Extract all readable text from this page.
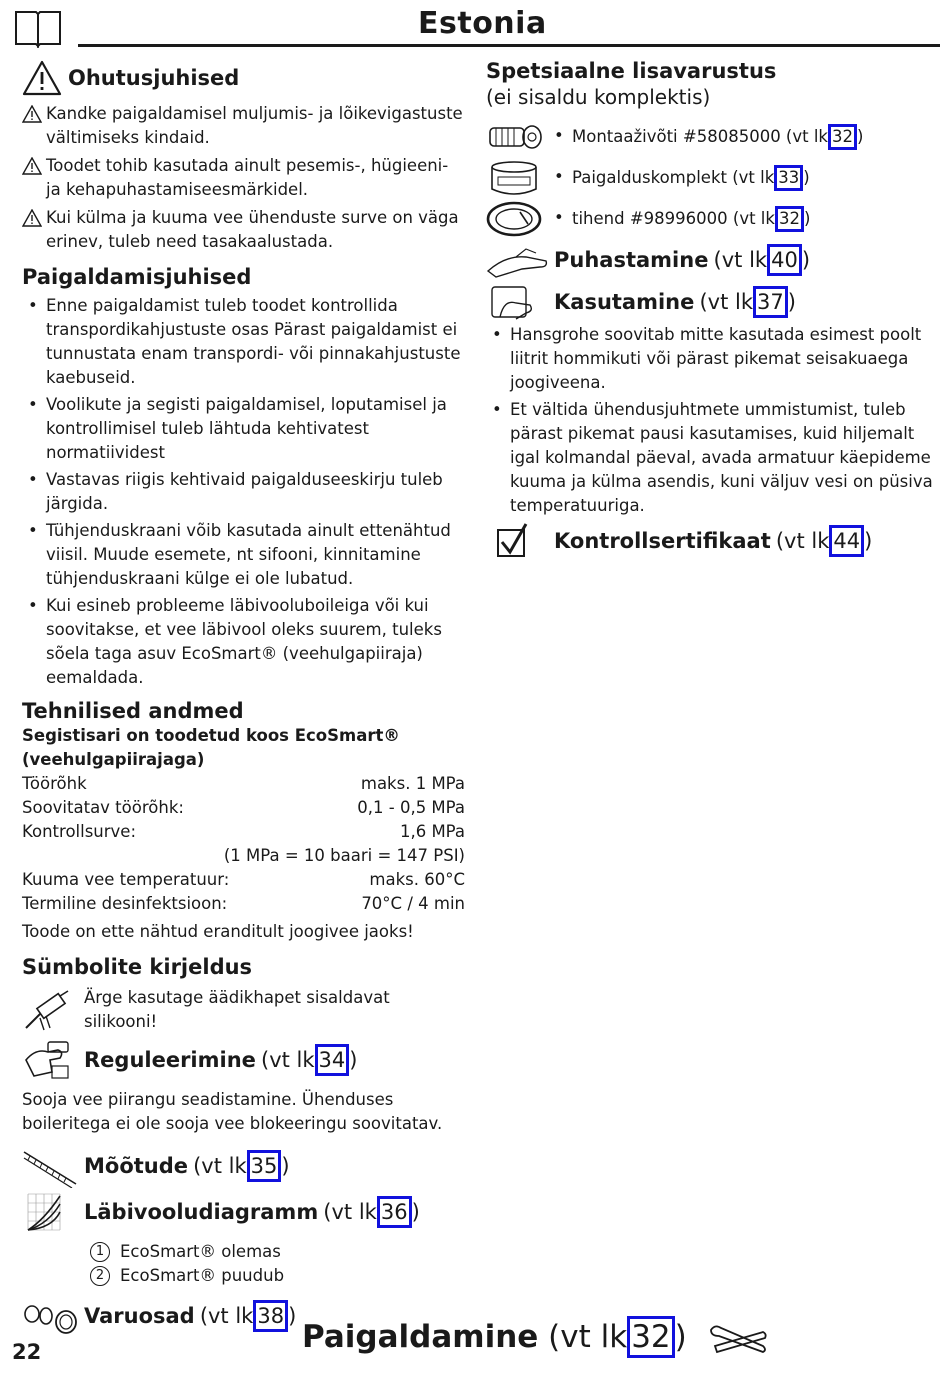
Estonia
Ohutusjuhised
Kandke paigaldamisel muljumis- ja lõikevigastuste vältimiseks kindaid.
Toodet tohib kasutada ainult pesemis-, hügieeni- ja kehapuhastamiseesmärkidel.
Kui külma ja kuuma vee ühenduste surve on väga erinev, tuleb need tasakaalustada.
Paigaldamisjuhised
• Enne paigaldamist tuleb toodet kontrollida transpordikahjustuste osas Pärast paigaldamist ei tunnustata enam transpordi- või pinnakahjustuste kaebuseid.
• Voolikute ja segisti paigaldamisel, loputamisel ja kontrollimisel tuleb lähtuda kehtivatest normatiividest
• Vastavas riigis kehtivaid paigalduseeskirju tuleb järgida.
• Tühjenduskraani võib kasutada ainult ettenähtud viisil. Muude esemete, nt sifooni, kinnitamine tühjenduskraani külge ei ole lubatud.
• Kui esineb probleeme läbivooluboileiga või kui soovitakse, et vee läbivool oleks suurem, tuleks sõela taga asuv EcoSmart® (veehulgapiiraja) eemaldada.
Tehnilised andmed

Segistisari on toodetud koos EcoSmart® (veehulgapiirajaga)

Töörõhk	maks. 1 MPa
Soovitatav töörõhk:	0,1 - 0,5 MPa
Kontrollsurve:	1,6 MPa
(1 MPa = 10 baari = 147 PSI)
Kuuma vee temperatuur:	maks. 60°C
Termiline desinfektsioon:	70°C / 4 min
Toode on ette nähtud eranditult joogivee jaoks!
Sümbolite kirjeldus
Ärge kasutage äädikhapet sisaldavat silikooni!
Reguleerimine (vt lk 34 )
Sooja vee piirangu seadistamine. Ühenduses boileritega ei ole sooja vee blokeeringu soovitatav.
Mõõtude (vt lk 35 )
Läbivooludiagramm (vt lk 36 )
1 EcoSmart® olemas
2 EcoSmart® puudub
Varuosad (vt lk 38 )
Spetsiaalne lisavarustus
(ei sisaldu komplektis)
• Montaaživõti #58085000 (vt lk 32 )
• Paigalduskomplekt (vt lk 33 )
• tihend #98996000 (vt lk 32 )
Puhastamine (vt lk 40 )
Kasutamine (vt lk 37 )
• Hansgrohe soovitab mitte kasutada esimest poolt liitrit hommikuti või pärast pikemat seisakuaega joogiveena.
• Et vältida ühendusjuhtmete ummistumist, tuleb pärast pikemat pausi kasutamises, kuid hiljemalt igal kolmandal päeval, avada armatuur käepideme kuuma ja külma asendis, kuni väljuv vesi on püsiva temperatuuriga.
Kontrollsertifikaat (vt lk 44 )
22	Paigaldamine (vt lk 32 )
